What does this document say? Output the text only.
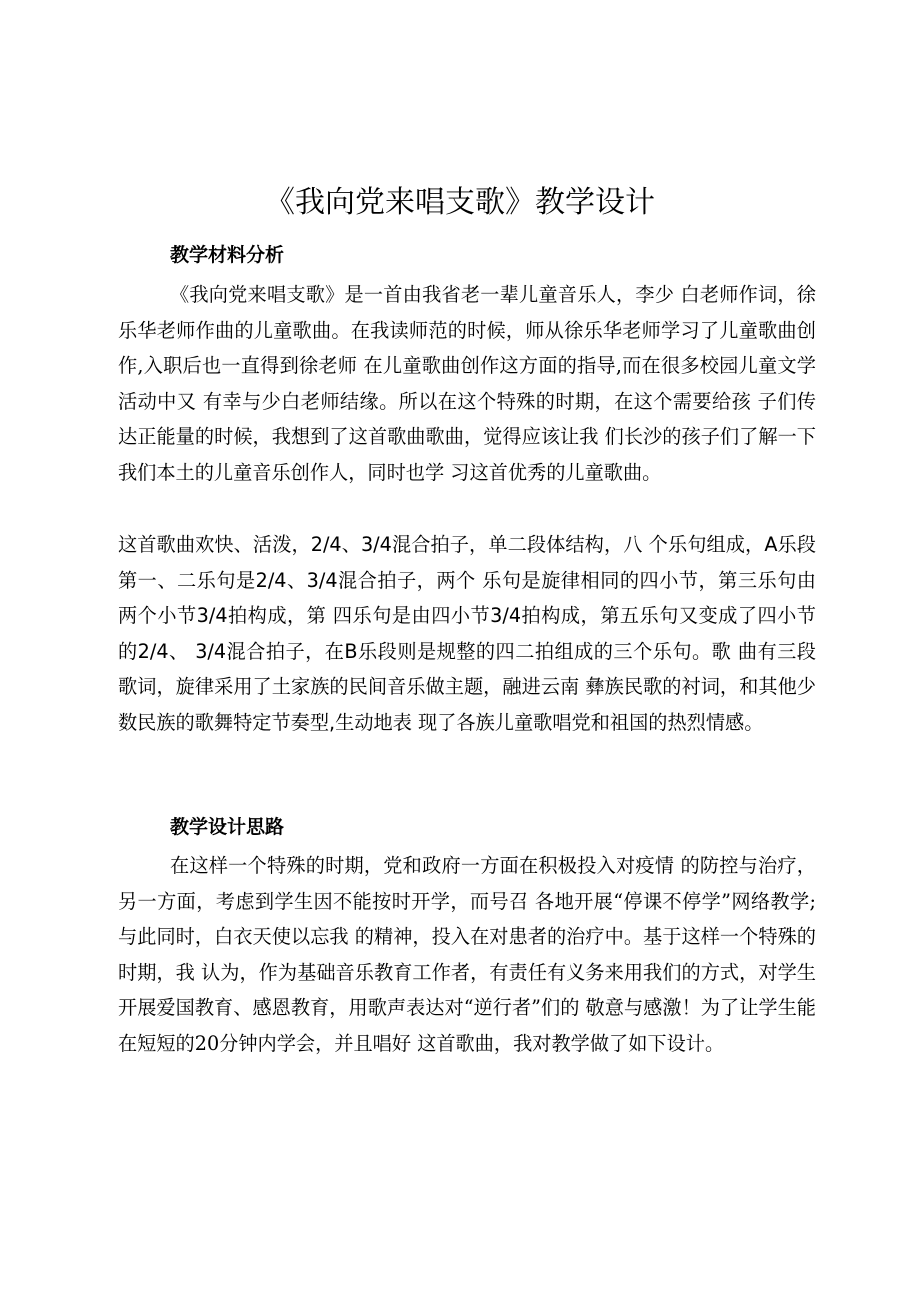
《我向党来唱支歌》教学设计
教学材料分析

《我向党来唱支歌》是一首由我省老一辈儿童音乐人，李少 白老师作词，徐乐华老师作曲的儿童歌曲。在我读师范的时候，师从徐乐华老师学习了儿童歌曲创作,入职后也一直得到徐老师 在儿童歌曲创作这方面的指导,而在很多校园儿童文学活动中又 有幸与少白老师结缘。所以在这个特殊的时期，在这个需要给孩 子们传达正能量的时候，我想到了这首歌曲歌曲，觉得应该让我 们长沙的孩子们了解一下我们本土的儿童音乐创作人，同时也学 习这首优秀的儿童歌曲。

这首歌曲欢快、活泼，2/4、3/4混合拍子，单二段体结构，八 个乐句组成，A乐段第一、二乐句是2/4、3/4混合拍子，两个 乐句是旋律相同的四小节，第三乐句由两个小节3/4拍构成，第 四乐句是由四小节3/4拍构成，第五乐句又变成了四小节的2/4、 3/4混合拍子，在B乐段则是规整的四二拍组成的三个乐句。歌 曲有三段歌词，旋律采用了土家族的民间音乐做主题，融进云南 彝族民歌的衬词，和其他少数民族的歌舞特定节奏型,生动地表 现了各族儿童歌唱党和祖国的热烈情感。

教学设计思路

在这样一个特殊的时期，党和政府一方面在积极投入对疫情 的防控与治疗，另一方面，考虑到学生因不能按时开学，而号召 各地开展“停课不停学”网络教学;与此同时，白衣天使以忘我 的精神，投入在对患者的治疗中。基于这样一个特殊的时期，我 认为，作为基础音乐教育工作者，有责任有义务来用我们的方式，对学生开展爱国教育、感恩教育，用歌声表达对“逆行者”们的 敬意与感激！为了让学生能在短短的20分钟内学会，并且唱好 这首歌曲，我对教学做了如下设计。
